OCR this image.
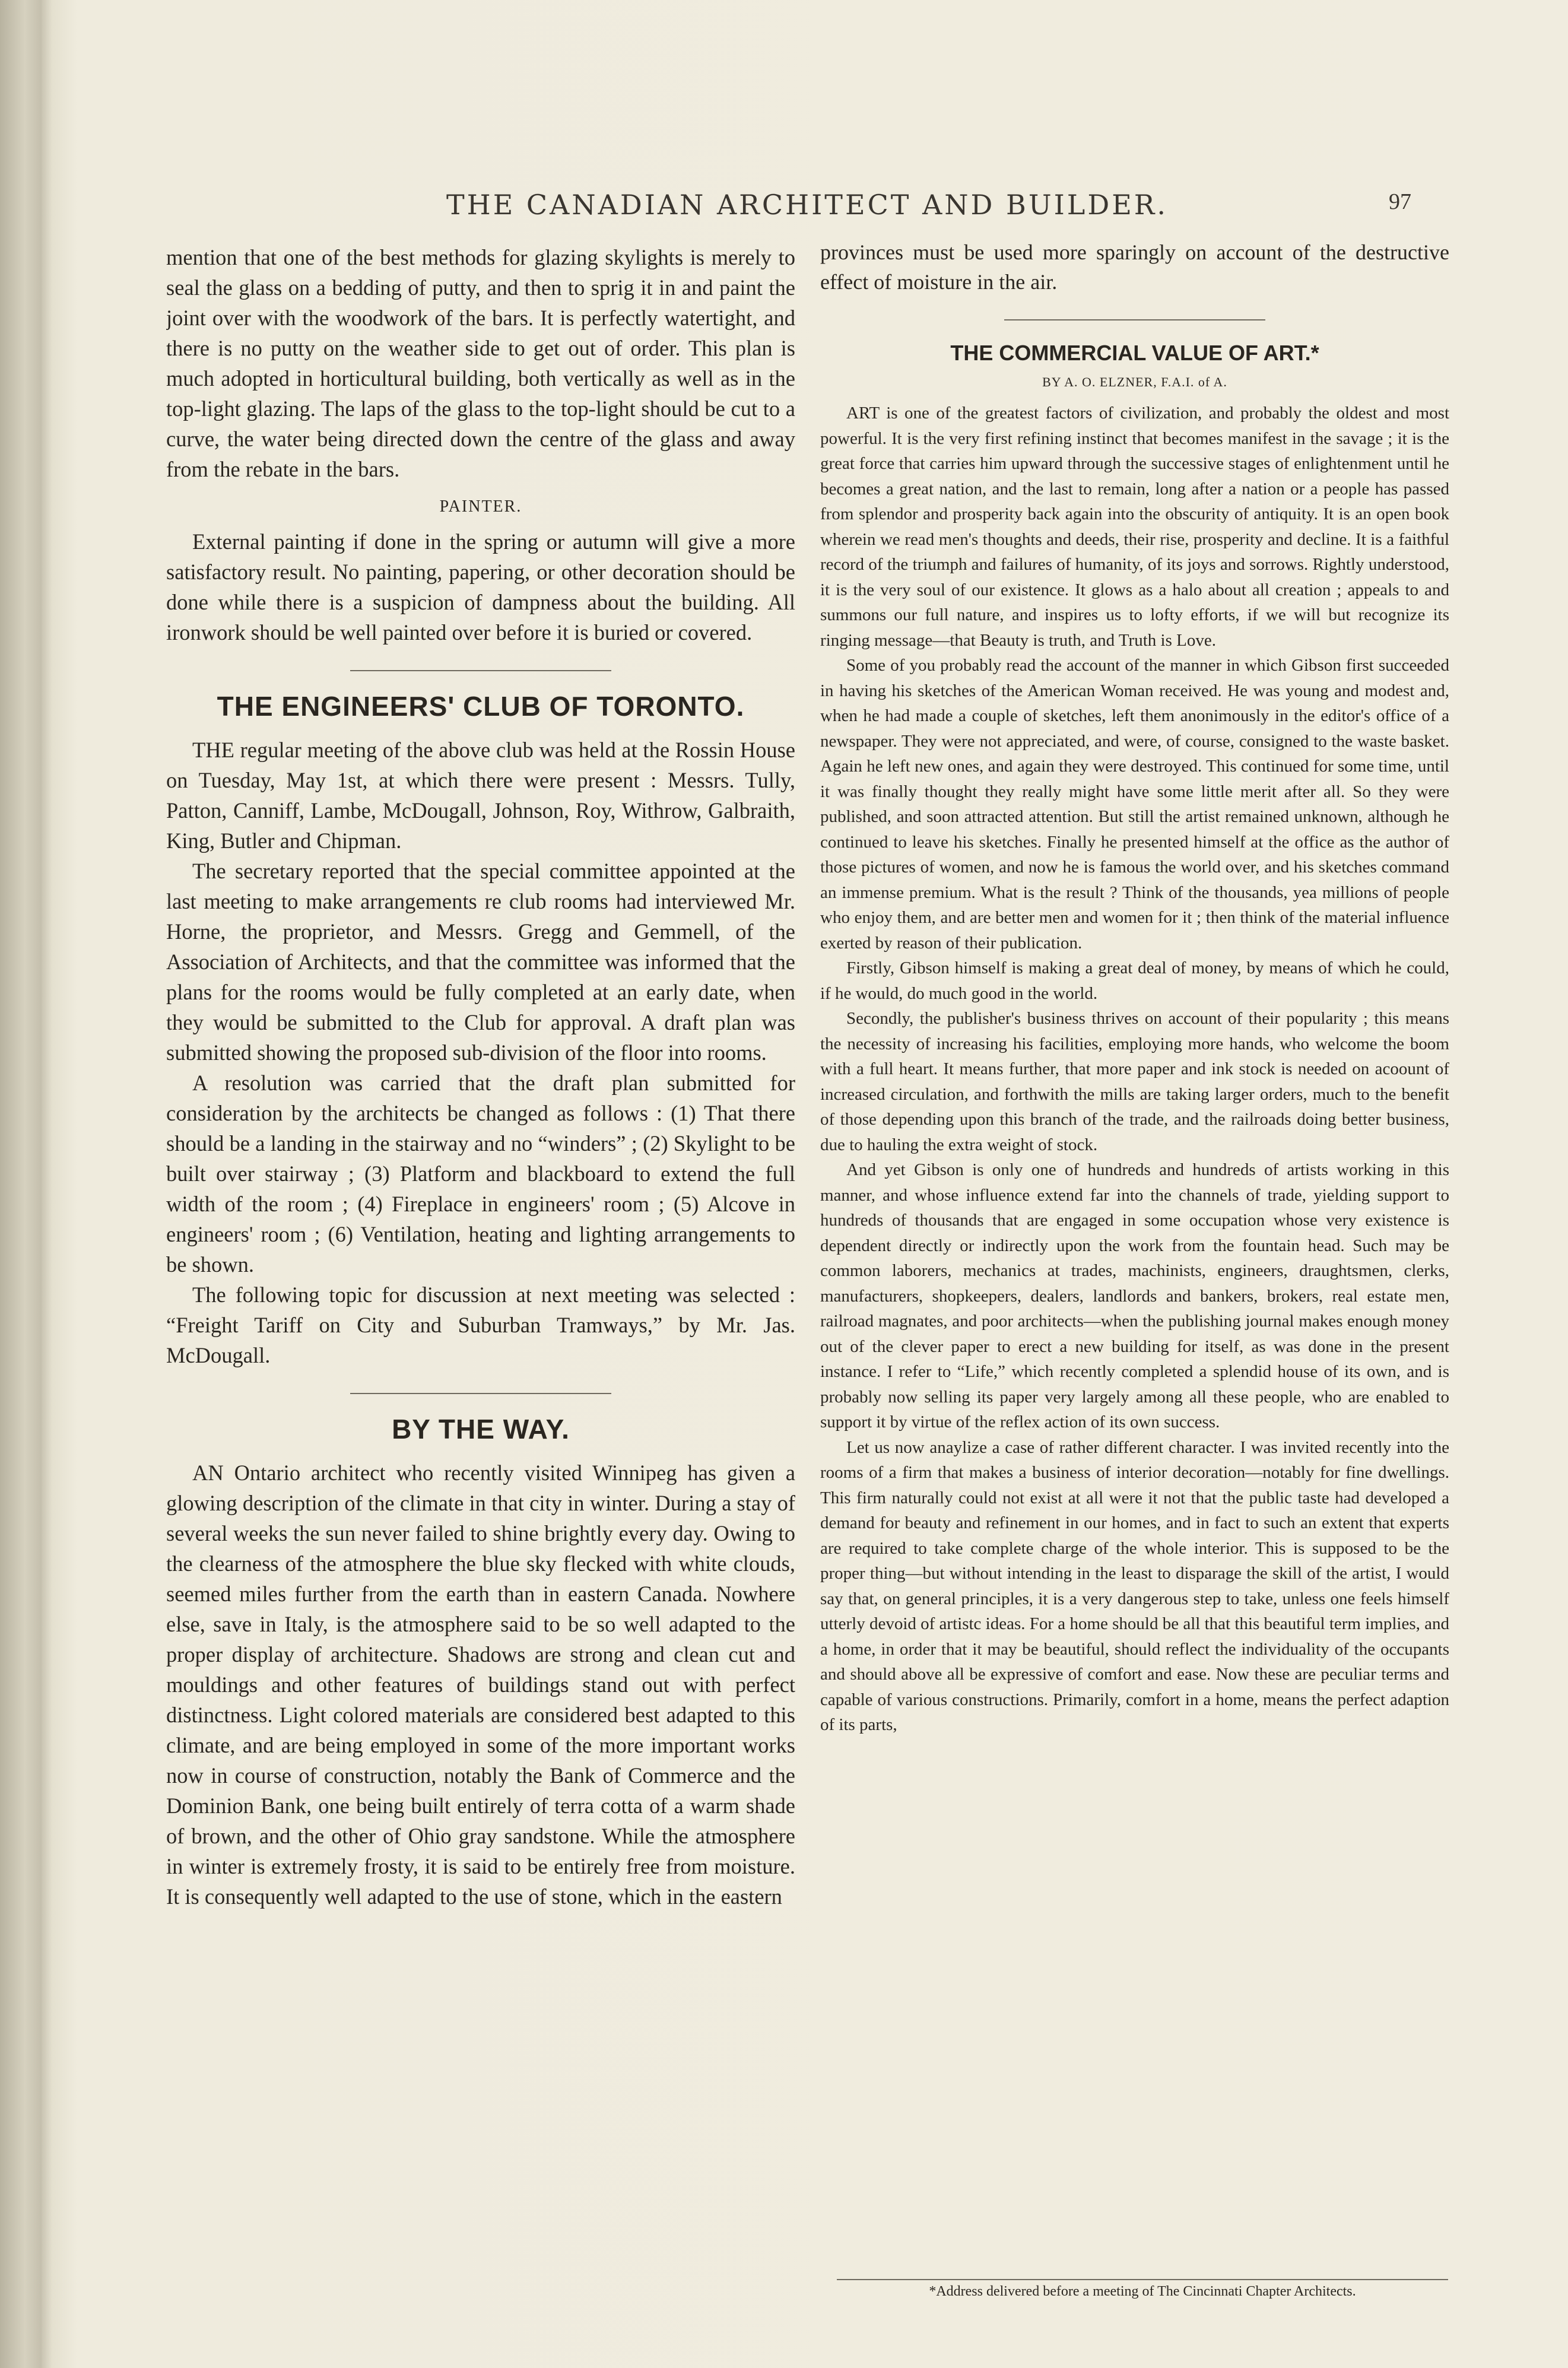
THE CANADIAN ARCHITECT AND BUILDER.	97

mention that one of the best methods for glazing skylights is merely to seal the glass on a bedding of putty, and then to sprig it in and paint the joint over with the woodwork of the bars. It is perfectly watertight, and there is no putty on the weather side to get out of order. This plan is much adopted in horticultural building, both vertically as well as in the top-light glazing. The laps of the glass to the top-light should be cut to a curve, the water being directed down the centre of the glass and away from the rebate in the bars.

PAINTER.

External painting if done in the spring or autumn will give a more satisfactory result. No painting, papering, or other decoration should be done while there is a suspicion of dampness about the building. All ironwork should be well painted over before it is buried or covered.

THE ENGINEERS' CLUB OF TORONTO.

THE regular meeting of the above club was held at the Rossin House on Tuesday, May 1st, at which there were present : Messrs. Tully, Patton, Canniff, Lambe, McDougall, Johnson, Roy, Withrow, Galbraith, King, Butler and Chipman.

The secretary reported that the special committee appointed at the last meeting to make arrangements re club rooms had interviewed Mr. Horne, the proprietor, and Messrs. Gregg and Gemmell, of the Association of Architects, and that the committee was informed that the plans for the rooms would be fully completed at an early date, when they would be submitted to the Club for approval. A draft plan was submitted showing the proposed sub-division of the floor into rooms.

A resolution was carried that the draft plan submitted for consideration by the architects be changed as follows : (1) That there should be a landing in the stairway and no “winders” ; (2) Skylight to be built over stairway ; (3) Platform and blackboard to extend the full width of the room ; (4) Fireplace in engineers' room ; (5) Alcove in engineers' room ; (6) Ventilation, heating and lighting arrangements to be shown.

The following topic for discussion at next meeting was selected : “Freight Tariff on City and Suburban Tramways,” by Mr. Jas. McDougall.

BY THE WAY.

AN Ontario architect who recently visited Winnipeg has given a glowing description of the climate in that city in winter. During a stay of several weeks the sun never failed to shine brightly every day. Owing to the clearness of the atmosphere the blue sky flecked with white clouds, seemed miles further from the earth than in eastern Canada. Nowhere else, save in Italy, is the atmosphere said to be so well adapted to the proper display of architecture. Shadows are strong and clean cut and mouldings and other features of buildings stand out with perfect distinctness. Light colored materials are considered best adapted to this climate, and are being employed in some of the more important works now in course of construction, notably the Bank of Commerce and the Dominion Bank, one being built entirely of terra cotta of a warm shade of brown, and the other of Ohio gray sandstone. While the atmosphere in winter is extremely frosty, it is said to be entirely free from moisture. It is consequently well adapted to the use of stone, which in the eastern

provinces must be used more sparingly on account of the destructive effect of moisture in the air.

THE COMMERCIAL VALUE OF ART.*
BY A. O. ELZNER, F.A.I. of A.

ART is one of the greatest factors of civilization, and probably the oldest and most powerful. It is the very first refining instinct that becomes manifest in the savage ; it is the great force that carries him upward through the successive stages of enlightenment until he becomes a great nation, and the last to remain, long after a nation or a people has passed from splendor and prosperity back again into the obscurity of antiquity. It is an open book wherein we read men's thoughts and deeds, their rise, prosperity and decline. It is a faithful record of the triumph and failures of humanity, of its joys and sorrows. Rightly understood, it is the very soul of our existence. It glows as a halo about all creation ; appeals to and summons our full nature, and inspires us to lofty efforts, if we will but recognize its ringing message—that Beauty is truth, and Truth is Love.

Some of you probably read the account of the manner in which Gibson first succeeded in having his sketches of the American Woman received. He was young and modest and, when he had made a couple of sketches, left them anonimously in the editor's office of a newspaper. They were not appreciated, and were, of course, consigned to the waste basket. Again he left new ones, and again they were destroyed. This continued for some time, until it was finally thought they really might have some little merit after all. So they were published, and soon attracted attention. But still the artist remained unknown, although he continued to leave his sketches. Finally he presented himself at the office as the author of those pictures of women, and now he is famous the world over, and his sketches command an immense premium. What is the result ? Think of the thousands, yea millions of people who enjoy them, and are better men and women for it ; then think of the material influence exerted by reason of their publication.

Firstly, Gibson himself is making a great deal of money, by means of which he could, if he would, do much good in the world.

Secondly, the publisher's business thrives on account of their popularity ; this means the necessity of increasing his facilities, employing more hands, who welcome the boom with a full heart. It means further, that more paper and ink stock is needed on acoount of increased circulation, and forthwith the mills are taking larger orders, much to the benefit of those depending upon this branch of the trade, and the railroads doing better business, due to hauling the extra weight of stock.

And yet Gibson is only one of hundreds and hundreds of artists working in this manner, and whose influence extend far into the channels of trade, yielding support to hundreds of thousands that are engaged in some occupation whose very existence is dependent directly or indirectly upon the work from the fountain head. Such may be common laborers, mechanics at trades, machinists, engineers, draughtsmen, clerks, manufacturers, shopkeepers, dealers, landlords and bankers, brokers, real estate men, railroad magnates, and poor architects—when the publishing journal makes enough money out of the clever paper to erect a new building for itself, as was done in the present instance. I refer to “Life,” which recently completed a splendid house of its own, and is probably now selling its paper very largely among all these people, who are enabled to support it by virtue of the reflex action of its own success.

Let us now anaylize a case of rather different character. I was invited recently into the rooms of a firm that makes a business of interior decoration—notably for fine dwellings. This firm naturally could not exist at all were it not that the public taste had developed a demand for beauty and refinement in our homes, and in fact to such an extent that experts are required to take complete charge of the whole interior. This is supposed to be the proper thing—but without intending in the least to disparage the skill of the artist, I would say that, on general principles, it is a very dangerous step to take, unless one feels himself utterly devoid of artistc ideas. For a home should be all that this beautiful term implies, and a home, in order that it may be beautiful, should reflect the individuality of the occupants and should above all be expressive of comfort and ease. Now these are peculiar terms and capable of various constructions. Primarily, comfort in a home, means the perfect adaption of its parts,

*Address delivered before a meeting of The Cincinnati Chapter Architects.
